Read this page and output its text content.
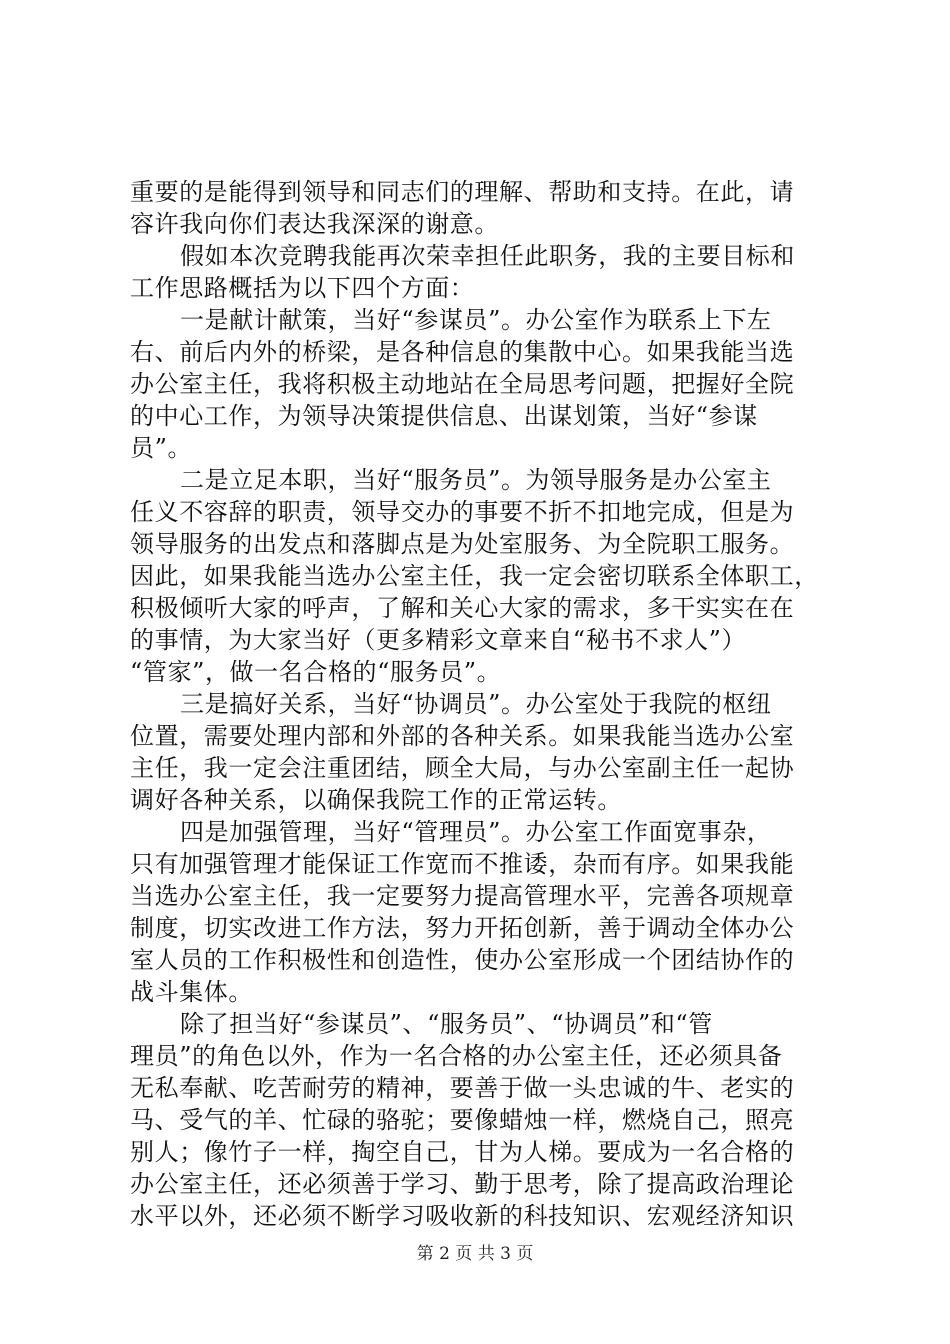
重要的是能得到领导和同志们的理解、帮助和支持。在此，请
容许我向你们表达我深深的谢意。
假如本次竞聘我能再次荣幸担任此职务，我的主要目标和
工作思路概括为以下四个方面：
一是献计献策，当好“参谋员”。办公室作为联系上下左
右、前后内外的桥梁，是各种信息的集散中心。如果我能当选
办公室主任，我将积极主动地站在全局思考问题，把握好全院
的中心工作，为领导决策提供信息、出谋划策，当好“参谋
员”。
二是立足本职，当好“服务员”。为领导服务是办公室主
任义不容辞的职责，领导交办的事要不折不扣地完成，但是为
领导服务的出发点和落脚点是为处室服务、为全院职工服务。
因此，如果我能当选办公室主任，我一定会密切联系全体职工，
积极倾听大家的呼声，了解和关心大家的需求，多干实实在在
的事情，为大家当好（更多精彩文章来自“秘书不求人”）
“管家”，做一名合格的“服务员”。
三是搞好关系，当好“协调员”。办公室处于我院的枢纽
位置，需要处理内部和外部的各种关系。如果我能当选办公室
主任，我一定会注重团结，顾全大局，与办公室副主任一起协
调好各种关系，以确保我院工作的正常运转。
四是加强管理，当好“管理员”。办公室工作面宽事杂，
只有加强管理才能保证工作宽而不推诿，杂而有序。如果我能
当选办公室主任，我一定要努力提高管理水平，完善各项规章
制度，切实改进工作方法，努力开拓创新，善于调动全体办公
室人员的工作积极性和创造性，使办公室形成一个团结协作的
战斗集体。
除了担当好“参谋员”、“服务员”、“协调员”和“管
理员”的角色以外，作为一名合格的办公室主任，还必须具备
无私奉献、吃苦耐劳的精神，要善于做一头忠诚的牛、老实的
马、受气的羊、忙碌的骆驼；要像蜡烛一样，燃烧自己，照亮
别人；像竹子一样，掏空自己，甘为人梯。要成为一名合格的
办公室主任，还必须善于学习、勤于思考，除了提高政治理论
水平以外，还必须不断学习吸收新的科技知识、宏观经济知识
第 2 页 共 3 页
